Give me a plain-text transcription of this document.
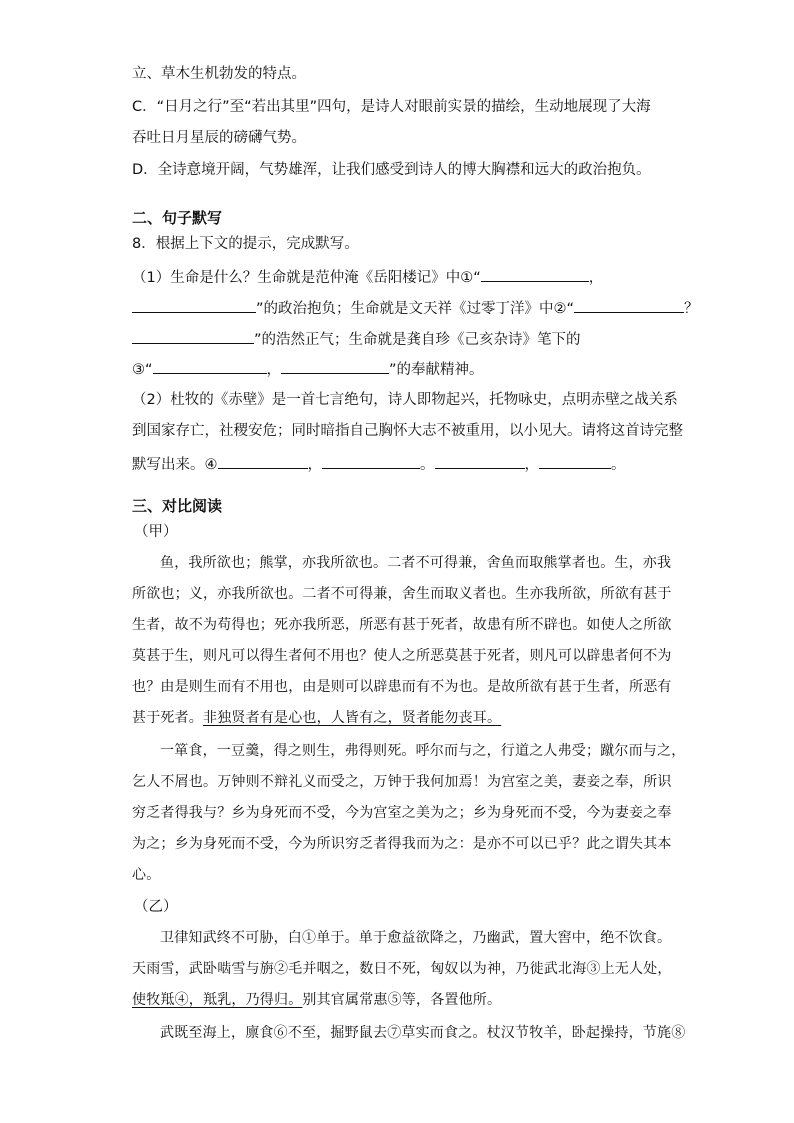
立、草木生机勃发的特点。
C．“日月之行”至“若出其里”四句，是诗人对眼前实景的描绘，生动地展现了大海
吞吐日月星辰的磅礴气势。
D．全诗意境开阔，气势雄浑，让我们感受到诗人的博大胸襟和远大的政治抱负。
二、句子默写
8．根据上下文的提示，完成默写。
（1）生命是什么？生命就是范仲淹《岳阳楼记》中①“	，
”的政治抱负；生命就是文天祥《过零丁洋》中②“	？
”的浩然正气；生命就是龚自珍《己亥杂诗》笔下的
③“	，	”的奉献精神。
（2）杜牧的《赤壁》是一首七言绝句，诗人即物起兴，托物咏史，点明赤壁之战关系
到国家存亡，社稷安危；同时暗指自己胸怀大志不被重用，以小见大。请将这首诗完整
默写出来。④	，	。	，	。
三、对比阅读
（甲）
鱼，我所欲也；熊掌，亦我所欲也。二者不可得兼，舍鱼而取熊掌者也。生，亦我
所欲也；义，亦我所欲也。二者不可得兼，舍生而取义者也。生亦我所欲，所欲有甚于
生者，故不为苟得也；死亦我所恶，所恶有甚于死者，故患有所不辟也。如使人之所欲
莫甚于生，则凡可以得生者何不用也？使人之所恶莫甚于死者，则凡可以辟患者何不为
也？由是则生而有不用也，由是则可以辟患而有不为也。是故所欲有甚于生者，所恶有
甚于死者。非独贤者有是心也，人皆有之，贤者能勿丧耳。
一箪食，一豆羹，得之则生，弗得则死。呼尔而与之，行道之人弗受；蹴尔而与之，
乞人不屑也。万钟则不辩礼义而受之，万钟于我何加焉！为宫室之美，妻妾之奉，所识
穷乏者得我与？乡为身死而不受，今为宫室之美为之；乡为身死而不受，今为妻妾之奉
为之；乡为身死而不受，今为所识穷乏者得我而为之：是亦不可以已乎？此之谓失其本
心。
（乙）
卫律知武终不可胁，白①单于。单于愈益欲降之，乃幽武，置大窖中，绝不饮食。
天雨雪，武卧啮雪与旃②毛并咽之，数日不死，匈奴以为神，乃徙武北海③上无人处，
使牧羝④，羝乳，乃得归。别其官属常惠⑤等，各置他所。
武既至海上，廪食⑥不至，掘野鼠去⑦草实而食之。杖汉节牧羊，卧起操持，节旄⑧
